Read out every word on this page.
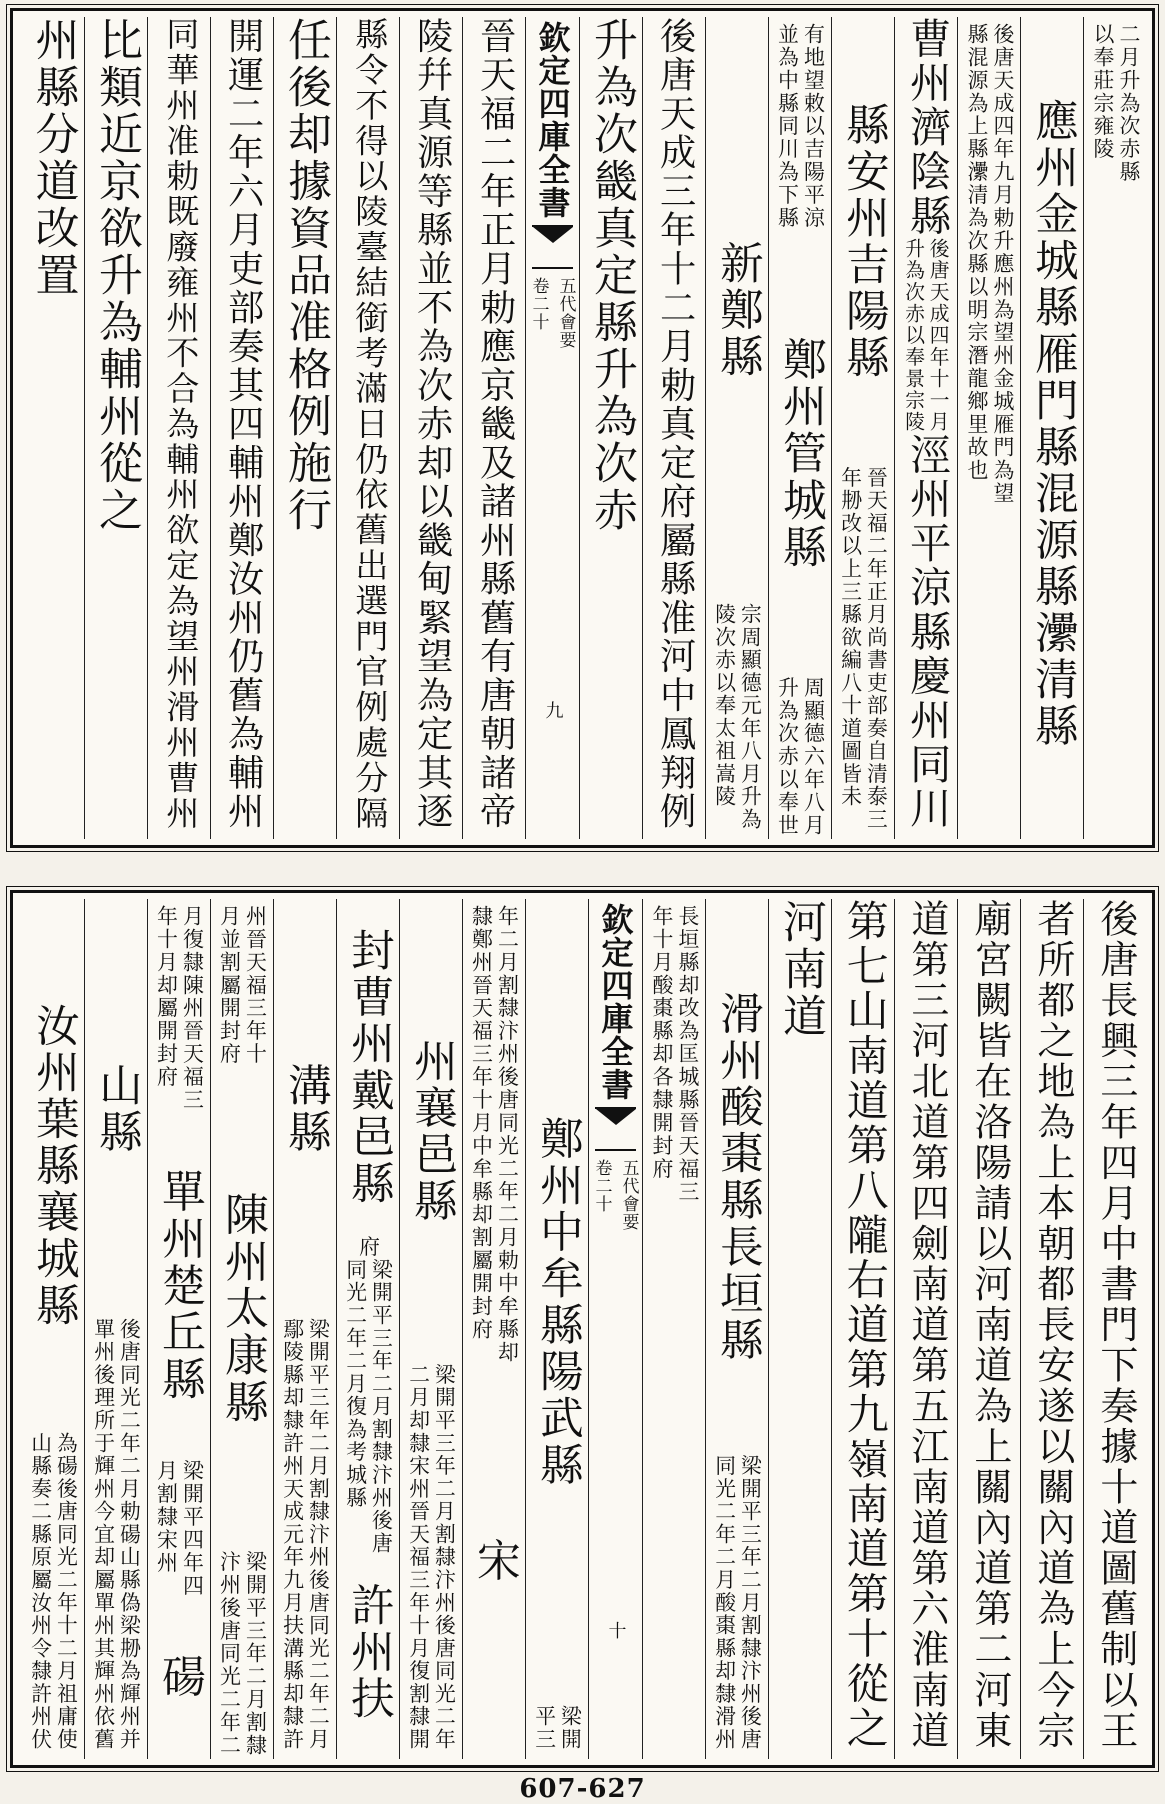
二月升為次赤縣
以奉莊宗雍陵
應州金城縣雁門縣混源縣㶟清縣
後唐天成四年九月勅升應州為望州金城雁門為望
縣混源為上縣㶟清為次縣以明宗潛龍鄉里故也
曹州濟陰縣
後唐天成四年十一月
升為次赤以奉景宗陵
涇州平涼縣慶州同川
縣安州吉陽縣
晉天福二年正月尚書吏部奏自清泰三
年刱改以上三縣欲編八十道圖皆未
有地望敕以吉陽平涼
並為中縣同川為下縣
鄭州管城縣
周顯德六年八月
升為次赤以奉世
新鄭縣
宗
陵
周顯德元年八月升為
次赤以奉太祖嵩陵
後唐天成三年十二月勅真定府屬縣准河中鳳翔例
升為次畿真定縣升為次赤
欽定四庫全書
五代會要
卷二十
九
晉天福二年正月勅應京畿及諸州縣舊有唐朝諸帝
陵幷真源等縣並不為次赤却以畿甸緊望為定其逐
縣令不得以陵臺結銜考滿日仍依舊出選門官例處分隔
任後却據資品准格例施行
開運二年六月吏部奏其四輔州鄭汝州仍舊為輔州
同華州准勅既廢雍州不合為輔州欲定為望州滑州曹州
比類近京欲升為輔州從之
州縣分道改置
後唐長興三年四月中書門下奏據十道圖舊制以王
者所都之地為上本朝都長安遂以關內道為上今宗
廟宮闕皆在洛陽請以河南道為上關內道第二河東
道第三河北道第四劍南道第五江南道第六淮南道
第七山南道第八隴右道第九嶺南道第十從之
河南道
滑州酸棗縣長垣縣
梁開平三年二月割隸汴州後唐
同光二年二月酸棗縣却隸滑州
長垣縣却改為匡城縣晉天福三
年十月酸棗縣却各隸開封府
欽定四庫全書
五代會要
卷二十
十
鄭州中牟縣陽武縣
梁開
平三
年二月割隸汴州後唐同光二年二月勅中牟縣却
隸鄭州晉天福三年十月中牟縣却割屬開封府
宋
州襄邑縣
梁開平三年二月割隸汴州後唐同光二年
二月却隸宋州晉天福三年十月復割隸開
封曹州戴邑縣
府
梁開平三年二月割隸汴州後唐
同光二年二月復為考城縣
許州扶
溝縣
梁開平三年二月割隸汴州後唐同光二年二月
鄢陵縣却隸許州天成元年九月扶溝縣却隸許
州晉天福三年十
月並割屬開封府
陳州太康縣
梁開平三年二月割隸
汴州後唐同光二年二
月復隸陳州晉天福三
年十月却屬開封府
單州楚丘縣
梁開平四年四
月割隸宋州
碭
山縣
後唐同光二年二月勅碭山縣偽梁刱為輝州并
單州後理所于輝州今宜却屬單州其輝州依舊
汝州葉縣襄城縣
為碭
山縣
後唐同光二年十二月祖庸使
奏二縣原屬汝州令隸許州伏
607-627
